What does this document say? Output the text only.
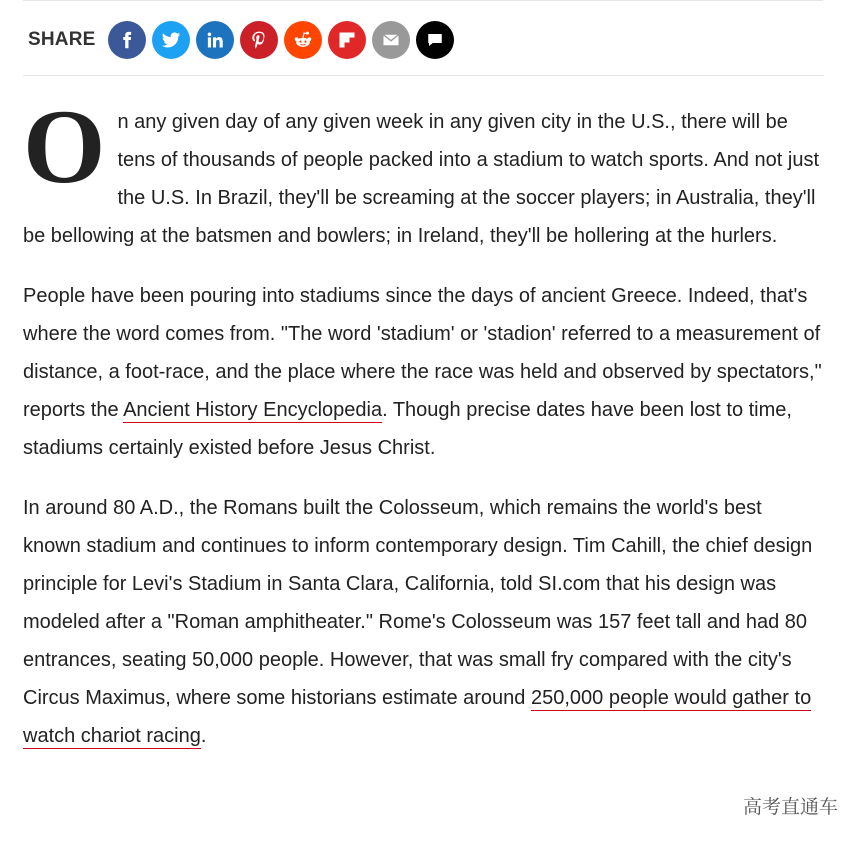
SHARE

On any given day of any given week in any given city in the U.S., there will be tens of thousands of people packed into a stadium to watch sports. And not just the U.S. In Brazil, they'll be screaming at the soccer players; in Australia, they'll be bellowing at the batsmen and bowlers; in Ireland, they'll be hollering at the hurlers.

People have been pouring into stadiums since the days of ancient Greece. Indeed, that's where the word comes from. "The word 'stadium' or 'stadion' referred to a measurement of distance, a foot-race, and the place where the race was held and observed by spectators," reports the Ancient History Encyclopedia. Though precise dates have been lost to time, stadiums certainly existed before Jesus Christ.

In around 80 A.D., the Romans built the Colosseum, which remains the world's best known stadium and continues to inform contemporary design. Tim Cahill, the chief design principle for Levi's Stadium in Santa Clara, California, told SI.com that his design was modeled after a "Roman amphitheater." Rome's Colosseum was 157 feet tall and had 80 entrances, seating 50,000 people. However, that was small fry compared with the city's Circus Maximus, where some historians estimate around 250,000 people would gather to watch chariot racing.

高考直通车
